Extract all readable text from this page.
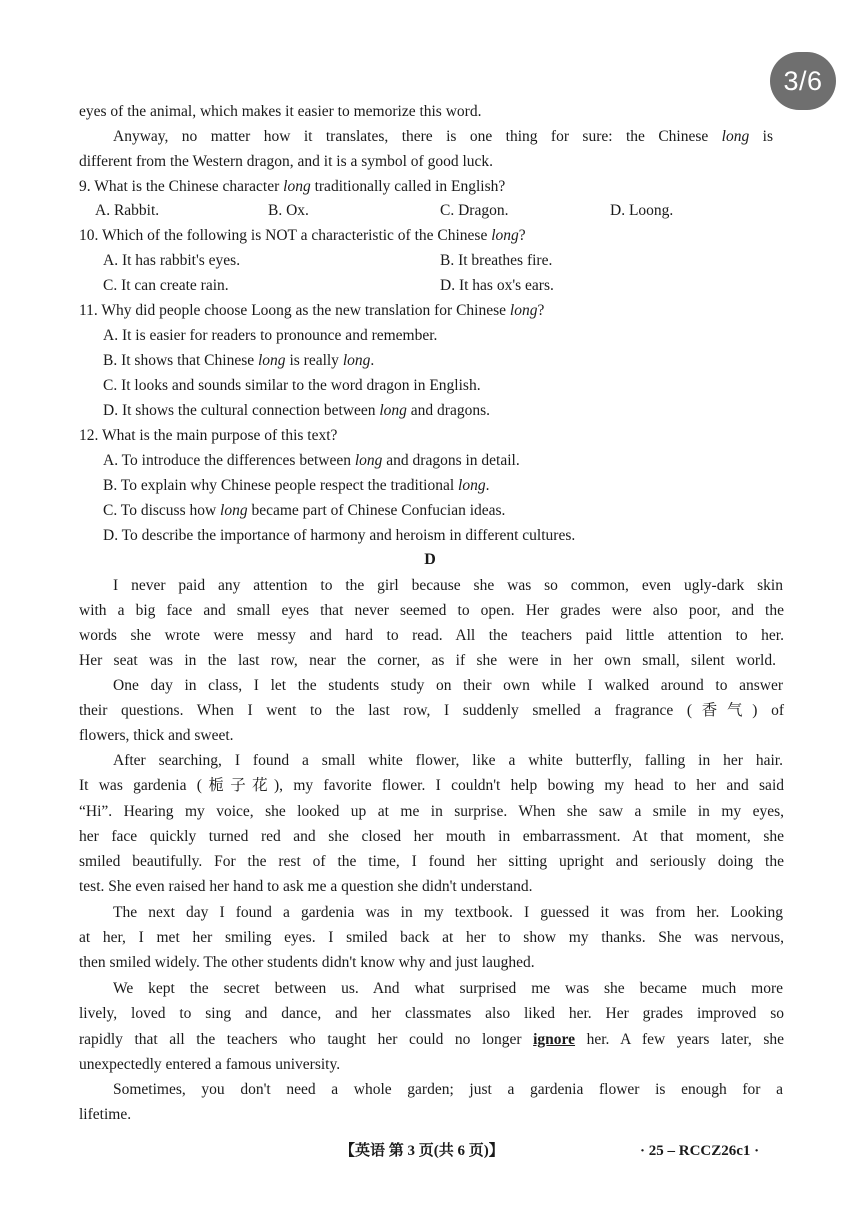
3/6
eyes of the animal, which makes it easier to memorize this word.
Anyway, no matter how it translates, there is one thing for sure: the Chinese long is
different from the Western dragon, and it is a symbol of good luck.
9. What is the Chinese character long traditionally called in English?
A. Rabbit.	B. Ox.	C. Dragon.	D. Loong.
10. Which of the following is NOT a characteristic of the Chinese long?
A. It has rabbit's eyes.	B. It breathes fire.
C. It can create rain.	D. It has ox's ears.
11. Why did people choose Loong as the new translation for Chinese long?
A. It is easier for readers to pronounce and remember.
B. It shows that Chinese long is really long.
C. It looks and sounds similar to the word dragon in English.
D. It shows the cultural connection between long and dragons.
12. What is the main purpose of this text?
A. To introduce the differences between long and dragons in detail.
B. To explain why Chinese people respect the traditional long.
C. To discuss how long became part of Chinese Confucian ideas.
D. To describe the importance of harmony and heroism in different cultures.
D
I never paid any attention to the girl because she was so common, even ugly-dark skin
with a big face and small eyes that never seemed to open. Her grades were also poor, and the
words she wrote were messy and hard to read. All the teachers paid little attention to her.
Her seat was in the last row, near the corner, as if she were in her own small, silent world.
One day in class, I let the students study on their own while I walked around to answer
their questions. When I went to the last row, I suddenly smelled a fragrance (香气) of
flowers, thick and sweet.
After searching, I found a small white flower, like a white butterfly, falling in her hair.
It was gardenia (栀子花), my favorite flower. I couldn't help bowing my head to her and said
“Hi”. Hearing my voice, she looked up at me in surprise. When she saw a smile in my eyes,
her face quickly turned red and she closed her mouth in embarrassment. At that moment, she
smiled beautifully. For the rest of the time, I found her sitting upright and seriously doing the
test. She even raised her hand to ask me a question she didn't understand.
The next day I found a gardenia was in my textbook. I guessed it was from her. Looking
at her, I met her smiling eyes. I smiled back at her to show my thanks. She was nervous,
then smiled widely. The other students didn't know why and just laughed.
We kept the secret between us. And what surprised me was she became much more
lively, loved to sing and dance, and her classmates also liked her. Her grades improved so
rapidly that all the teachers who taught her could no longer ignore her. A few years later, she
unexpectedly entered a famous university.
Sometimes, you don't need a whole garden; just a gardenia flower is enough for a
lifetime.
【英语 第 3 页(共 6 页)】	· 25 – RCCZ26c1 ·
